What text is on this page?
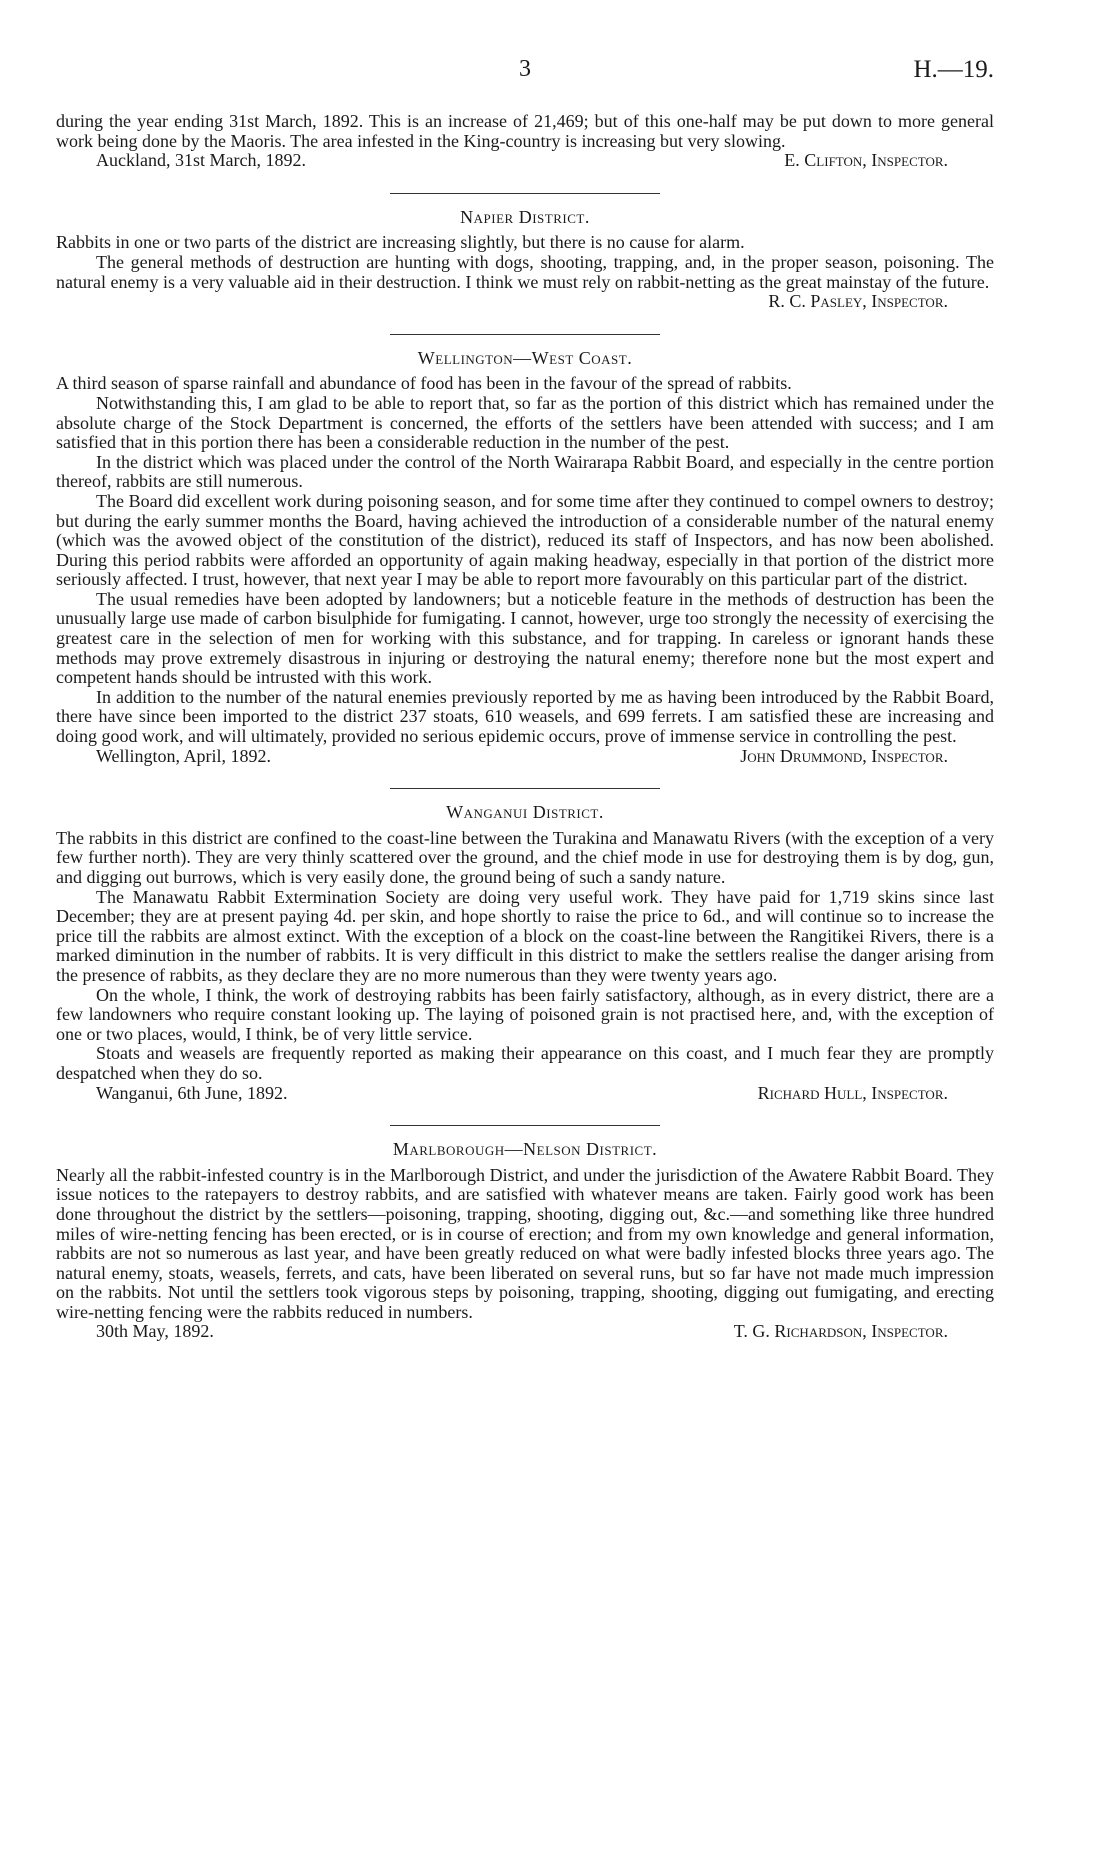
3	H.—19.

during the year ending 31st March, 1892. This is an increase of 21,469; but of this one-half may be put down to more general work being done by the Maoris. The area infested in the King-country is increasing but very slowing.

Auckland, 31st March, 1892.	E. Clifton, Inspector.
Napier District.

Rabbits in one or two parts of the district are increasing slightly, but there is no cause for alarm.

The general methods of destruction are hunting with dogs, shooting, trapping, and, in the proper season, poisoning. The natural enemy is a very valuable aid in their destruction. I think we must rely on rabbit-netting as the great mainstay of the future.

R. C. Pasley, Inspector.
Wellington—West Coast.

A third season of sparse rainfall and abundance of food has been in the favour of the spread of rabbits.

Notwithstanding this, I am glad to be able to report that, so far as the portion of this district which has remained under the absolute charge of the Stock Department is concerned, the efforts of the settlers have been attended with success; and I am satisfied that in this portion there has been a considerable reduction in the number of the pest.

In the district which was placed under the control of the North Wairarapa Rabbit Board, and especially in the centre portion thereof, rabbits are still numerous.

The Board did excellent work during poisoning season, and for some time after they continued to compel owners to destroy; but during the early summer months the Board, having achieved the introduction of a considerable number of the natural enemy (which was the avowed object of the constitution of the district), reduced its staff of Inspectors, and has now been abolished. During this period rabbits were afforded an opportunity of again making headway, especially in that portion of the district more seriously affected. I trust, however, that next year I may be able to report more favourably on this particular part of the district.

The usual remedies have been adopted by landowners; but a noticeble feature in the methods of destruction has been the unusually large use made of carbon bisulphide for fumigating. I cannot, however, urge too strongly the necessity of exercising the greatest care in the selection of men for working with this substance, and for trapping. In careless or ignorant hands these methods may prove extremely disastrous in injuring or destroying the natural enemy; therefore none but the most expert and competent hands should be intrusted with this work.

In addition to the number of the natural enemies previously reported by me as having been introduced by the Rabbit Board, there have since been imported to the district 237 stoats, 610 weasels, and 699 ferrets. I am satisfied these are increasing and doing good work, and will ultimately, provided no serious epidemic occurs, prove of immense service in controlling the pest.

Wellington, April, 1892.	John Drummond, Inspector.
Wanganui District.

The rabbits in this district are confined to the coast-line between the Turakina and Manawatu Rivers (with the exception of a very few further north). They are very thinly scattered over the ground, and the chief mode in use for destroying them is by dog, gun, and digging out burrows, which is very easily done, the ground being of such a sandy nature.

The Manawatu Rabbit Extermination Society are doing very useful work. They have paid for 1,719 skins since last December; they are at present paying 4d. per skin, and hope shortly to raise the price to 6d., and will continue so to increase the price till the rabbits are almost extinct. With the exception of a block on the coast-line between the Rangitikei Rivers, there is a marked diminution in the number of rabbits. It is very difficult in this district to make the settlers realise the danger arising from the presence of rabbits, as they declare they are no more numerous than they were twenty years ago.

On the whole, I think, the work of destroying rabbits has been fairly satisfactory, although, as in every district, there are a few landowners who require constant looking up. The laying of poisoned grain is not practised here, and, with the exception of one or two places, would, I think, be of very little service.

Stoats and weasels are frequently reported as making their appearance on this coast, and I much fear they are promptly despatched when they do so.

Wanganui, 6th June, 1892.	Richard Hull, Inspector.
Marlborough—Nelson District.

Nearly all the rabbit-infested country is in the Marlborough District, and under the jurisdiction of the Awatere Rabbit Board. They issue notices to the ratepayers to destroy rabbits, and are satisfied with whatever means are taken. Fairly good work has been done throughout the district by the settlers—poisoning, trapping, shooting, digging out, &c.—and something like three hundred miles of wire-netting fencing has been erected, or is in course of erection; and from my own knowledge and general information, rabbits are not so numerous as last year, and have been greatly reduced on what were badly infested blocks three years ago. The natural enemy, stoats, weasels, ferrets, and cats, have been liberated on several runs, but so far have not made much impression on the rabbits. Not until the settlers took vigorous steps by poisoning, trapping, shooting, digging out fumigating, and erecting wire-netting fencing were the rabbits reduced in numbers.

30th May, 1892.	T. G. Richardson, Inspector.
